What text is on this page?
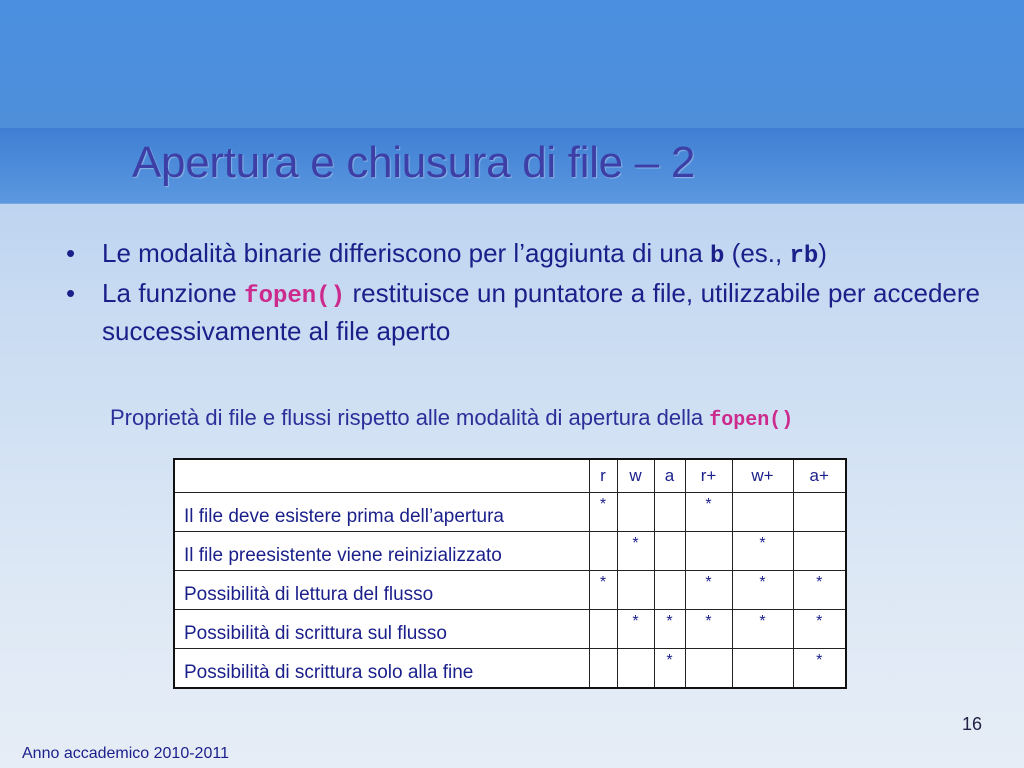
Apertura e chiusura di file – 2
• Le modalità binarie differiscono per l’aggiunta di una b (es., rb)
• La funzione fopen() restituisce un puntatore a file, utilizzabile per accedere successivamente al file aperto

Proprietà di file e flussi rispetto alle modalità di apertura della fopen()

	r	w	a	r+	w+	a+
Il file deve esistere prima dell’apertura	*			*		
Il file preesistente viene reinizializzato		*			*	
Possibilità di lettura del flusso	*			*	*	*
Possibilità di scrittura sul flusso		*	*	*	*	*
Possibilità di scrittura solo alla fine			*			*
16
Anno accademico 2010-2011
